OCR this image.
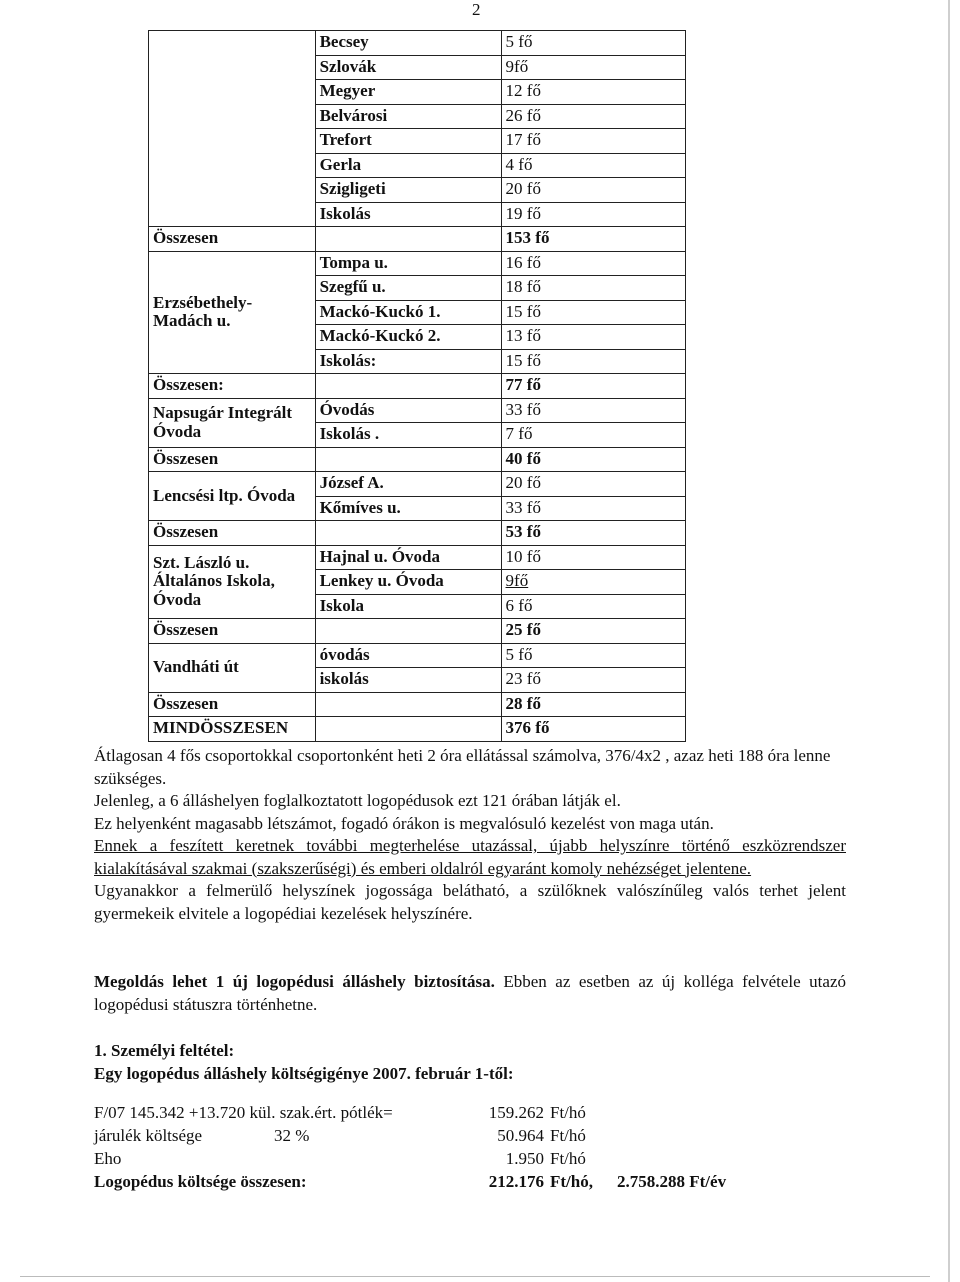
2
	Becsey	5 fő
	Szlovák	9fő
	Megyer	12 fő
	Belvárosi	26 fő
	Trefort	17 fő
	Gerla	4 fő
	Szigligeti	20 fő
	Iskolás	19 fő
Összesen		153 fő
Erzsébethely-Madách u.	Tompa u.	16 fő
	Szegfű u.	18 fő
	Mackó-Kuckó 1.	15 fő
	Mackó-Kuckó 2.	13 fő
	Iskolás:	15 fő
Összesen:		77 fő
Napsugár Integrált Óvoda	Óvodás	33 fő
	Iskolás .	7 fő
Összesen		40 fő
Lencsési ltp. Óvoda	József A.	20 fő
	Kőmíves u.	33 fő
Összesen		53 fő
Szt. László u. Általános Iskola, Óvoda	Hajnal u. Óvoda	10 fő
	Lenkey u. Óvoda	9fő
	Iskola	6 fő
Összesen		25 fő
Vandháti út	óvodás	5 fő
	iskolás	23 fő
Összesen		28 fő
MINDÖSSZESEN		376 fő

Átlagosan 4 fős csoportokkal csoportonként heti 2 óra ellátással számolva, 376/4x2 , azaz heti 188 óra lenne szükséges.

Jelenleg, a 6 álláshelyen foglalkoztatott logopédusok ezt 121 órában látják el.

Ez helyenként magasabb létszámot, fogadó órákon is megvalósuló kezelést von maga után.

Ennek a feszített keretnek további megterhelése utazással, újabb helyszínre történő eszközrendszer kialakításával szakmai (szakszerűségi) és emberi oldalról egyaránt komoly nehézséget jelentene.

Ugyanakkor a felmerülő helyszínek jogossága belátható, a szülőknek valószínűleg valós terhet jelent gyermekeik elvitele a logopédiai kezelések helyszínére.

Megoldás lehet 1 új logopédusi álláshely biztosítása. Ebben az esetben az új kolléga felvétele utazó logopédusi státuszra történhetne.

1. Személyi feltétel:

Egy logopédus álláshely költségigénye 2007. február 1-től:

F/07 145.342 +13.720 kül. szak.ért. pótlék=	159.262 Ft/hó
járulék költsége	32 %	50.964 Ft/hó
Eho	1.950 Ft/hó
Logopédus költsége összesen:	212.176 Ft/hó, 2.758.288 Ft/év
